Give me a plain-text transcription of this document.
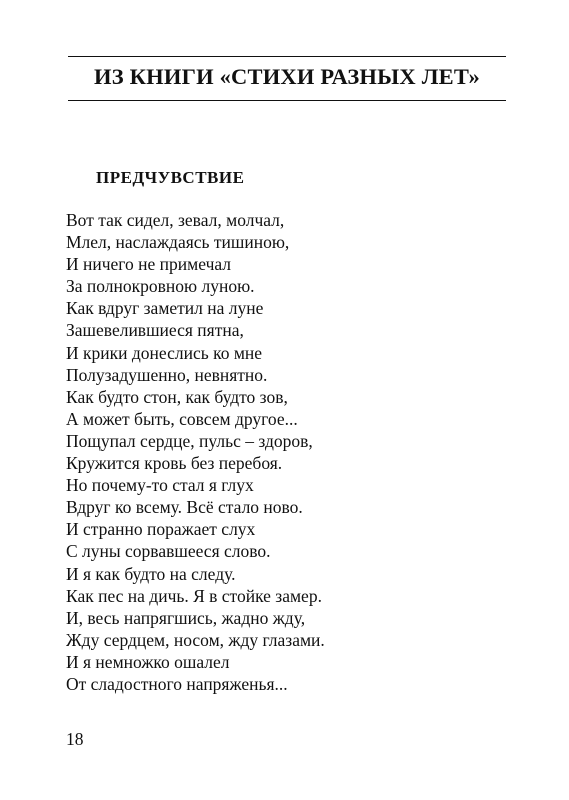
ИЗ КНИГИ «СТИХИ РАЗНЫХ ЛЕТ»
ПРЕДЧУВСТВИЕ
Вот так сидел, зевал, молчал,
Млел, наслаждаясь тишиною,
И ничего не примечал
За полнокровною луною.
Как вдруг заметил на луне
Зашевелившиеся пятна,
И крики донеслись ко мне
Полузадушенно, невнятно.
Как будто стон, как будто зов,
А может быть, совсем другое...
Пощупал сердце, пульс – здоров,
Кружится кровь без перебоя.
Но почему-то стал я глух
Вдруг ко всему. Всё стало ново.
И странно поражает слух
С луны сорвавшееся слово.
И я как будто на следу.
Как пес на дичь. Я в стойке замер.
И, весь напрягшись, жадно жду,
Жду сердцем, носом, жду глазами.
И я немножко ошалел
От сладостного напряженья...
18
